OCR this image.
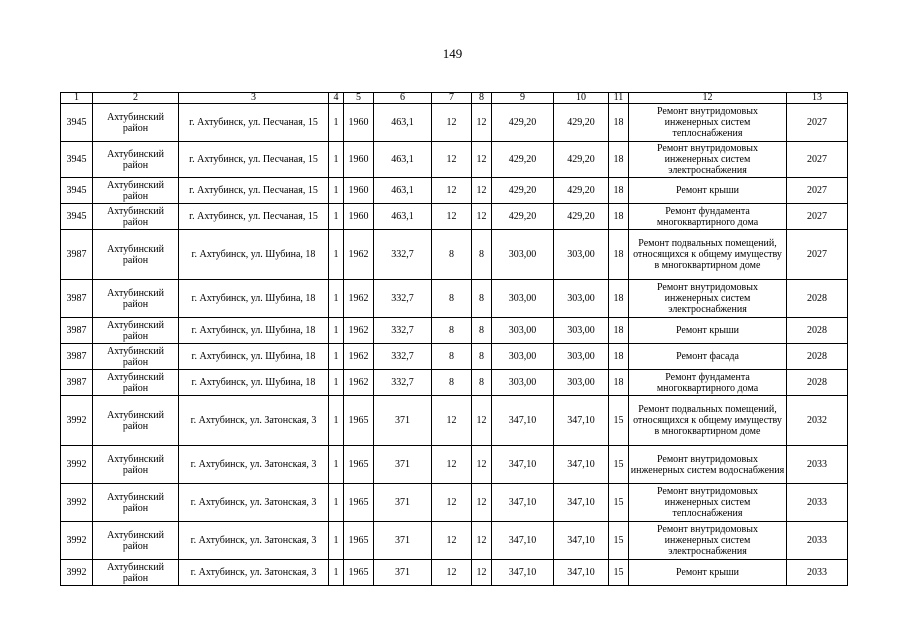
149
1	2	3	4	5	6	7	8	9	10	11	12	13
3945	Ахтубинский район	г. Ахтубинск, ул. Песчаная, 15	1	1960	463,1	12	12	429,20	429,20	18	Ремонт внутридомовых инженерных систем теплоснабжения	2027
3945	Ахтубинский район	г. Ахтубинск, ул. Песчаная, 15	1	1960	463,1	12	12	429,20	429,20	18	Ремонт внутридомовых инженерных систем электроснабжения	2027
3945	Ахтубинский район	г. Ахтубинск, ул. Песчаная, 15	1	1960	463,1	12	12	429,20	429,20	18	Ремонт крыши	2027
3945	Ахтубинский район	г. Ахтубинск, ул. Песчаная, 15	1	1960	463,1	12	12	429,20	429,20	18	Ремонт фундамента многоквартирного дома	2027
3987	Ахтубинский район	г. Ахтубинск, ул. Шубина, 18	1	1962	332,7	8	8	303,00	303,00	18	Ремонт подвальных помещений, относящихся к общему имуществу в многоквартирном доме	2027
3987	Ахтубинский район	г. Ахтубинск, ул. Шубина, 18	1	1962	332,7	8	8	303,00	303,00	18	Ремонт внутридомовых инженерных систем электроснабжения	2028
3987	Ахтубинский район	г. Ахтубинск, ул. Шубина, 18	1	1962	332,7	8	8	303,00	303,00	18	Ремонт крыши	2028
3987	Ахтубинский район	г. Ахтубинск, ул. Шубина, 18	1	1962	332,7	8	8	303,00	303,00	18	Ремонт фасада	2028
3987	Ахтубинский район	г. Ахтубинск, ул. Шубина, 18	1	1962	332,7	8	8	303,00	303,00	18	Ремонт фундамента многоквартирного дома	2028
3992	Ахтубинский район	г. Ахтубинск, ул. Затонская, 3	1	1965	371	12	12	347,10	347,10	15	Ремонт подвальных помещений, относящихся к общему имуществу в многоквартирном доме	2032
3992	Ахтубинский район	г. Ахтубинск, ул. Затонская, 3	1	1965	371	12	12	347,10	347,10	15	Ремонт внутридомовых инженерных систем водоснабжения	2033
3992	Ахтубинский район	г. Ахтубинск, ул. Затонская, 3	1	1965	371	12	12	347,10	347,10	15	Ремонт внутридомовых инженерных систем теплоснабжения	2033
3992	Ахтубинский район	г. Ахтубинск, ул. Затонская, 3	1	1965	371	12	12	347,10	347,10	15	Ремонт внутридомовых инженерных систем электроснабжения	2033
3992	Ахтубинский район	г. Ахтубинск, ул. Затонская, 3	1	1965	371	12	12	347,10	347,10	15	Ремонт крыши	2033
